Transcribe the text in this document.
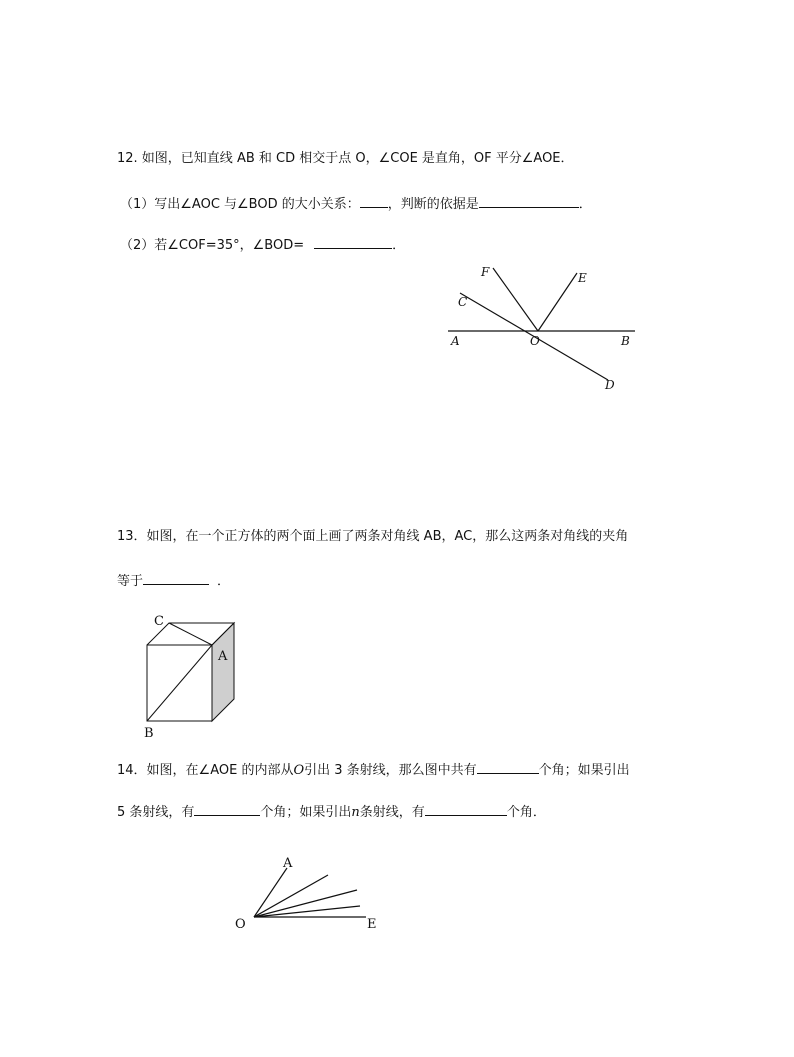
12. 如图，已知直线 AB 和 CD 相交于点 O，∠COE 是直角，OF 平分∠AOE．
（1）写出∠AOC 与∠BOD 的大小关系： ，判断的依据是	．
（2）若∠COF=35°，∠BOD=	．
F	E
C
A	O	B
D
13．如图，在一个正方体的两个面上画了两条对角线 AB，AC，那么这两条对角线的夹角
等于	．
C
A
B
14．如图，在∠AOE 的内部从O引出 3 条射线，那么图中共有	个角；如果引出
5 条射线，有	个角；如果引出n条射线，有	个角．
A
O	E
